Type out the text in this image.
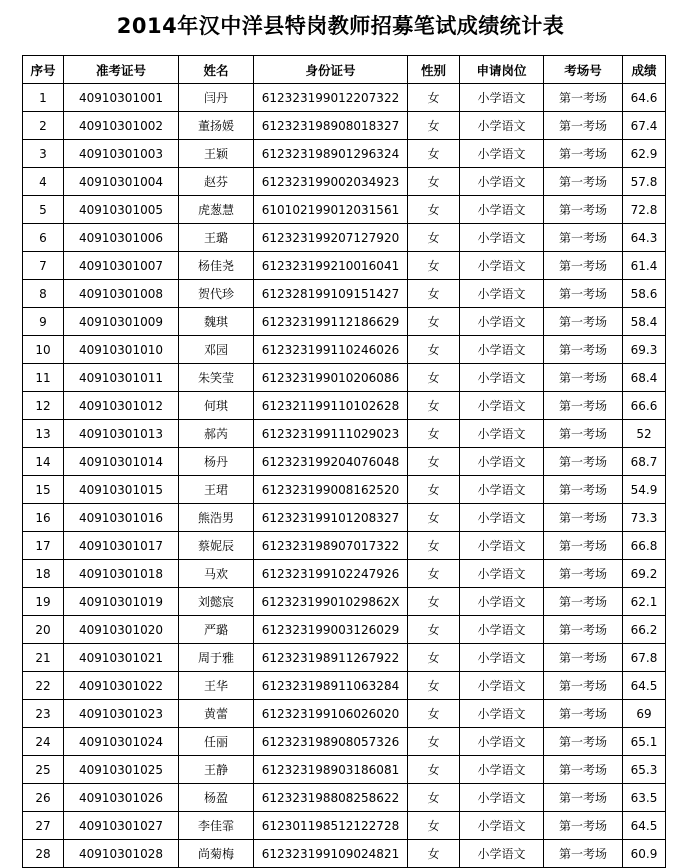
2014年汉中洋县特岗教师招募笔试成绩统计表
序号	准考证号	姓名	身份证号	性别	申请岗位	考场号	成绩
1	40910301001	闫丹	612323199012207322	女	小学语文	第一考场	64.6
2	40910301002	董扬媛	612323198908018327	女	小学语文	第一考场	67.4
3	40910301003	王颖	612323198901296324	女	小学语文	第一考场	62.9
4	40910301004	赵芬	612323199002034923	女	小学语文	第一考场	57.8
5	40910301005	虎葱慧	610102199012031561	女	小学语文	第一考场	72.8
6	40910301006	王璐	612323199207127920	女	小学语文	第一考场	64.3
7	40910301007	杨佳尧	612323199210016041	女	小学语文	第一考场	61.4
8	40910301008	贺代珍	612328199109151427	女	小学语文	第一考场	58.6
9	40910301009	魏琪	612323199112186629	女	小学语文	第一考场	58.4
10	40910301010	邓园	612323199110246026	女	小学语文	第一考场	69.3
11	40910301011	朱笑莹	612323199010206086	女	小学语文	第一考场	68.4
12	40910301012	何琪	612321199110102628	女	小学语文	第一考场	66.6
13	40910301013	郝芮	612323199111029023	女	小学语文	第一考场	52
14	40910301014	杨丹	612323199204076048	女	小学语文	第一考场	68.7
15	40910301015	王珺	612323199008162520	女	小学语文	第一考场	54.9
16	40910301016	熊浩男	612323199101208327	女	小学语文	第一考场	73.3
17	40910301017	蔡妮辰	612323198907017322	女	小学语文	第一考场	66.8
18	40910301018	马欢	612323199102247926	女	小学语文	第一考场	69.2
19	40910301019	刘懿宸	61232319901029862X	女	小学语文	第一考场	62.1
20	40910301020	严璐	612323199003126029	女	小学语文	第一考场	66.2
21	40910301021	周于雅	612323198911267922	女	小学语文	第一考场	67.8
22	40910301022	王华	612323198911063284	女	小学语文	第一考场	64.5
23	40910301023	黄蕾	612323199106026020	女	小学语文	第一考场	69
24	40910301024	任丽	612323198908057326	女	小学语文	第一考场	65.1
25	40910301025	王静	612323198903186081	女	小学语文	第一考场	65.3
26	40910301026	杨盈	612323198808258622	女	小学语文	第一考场	63.5
27	40910301027	李佳霏	612301198512122728	女	小学语文	第一考场	64.5
28	40910301028	尚菊梅	612323199109024821	女	小学语文	第一考场	60.9
